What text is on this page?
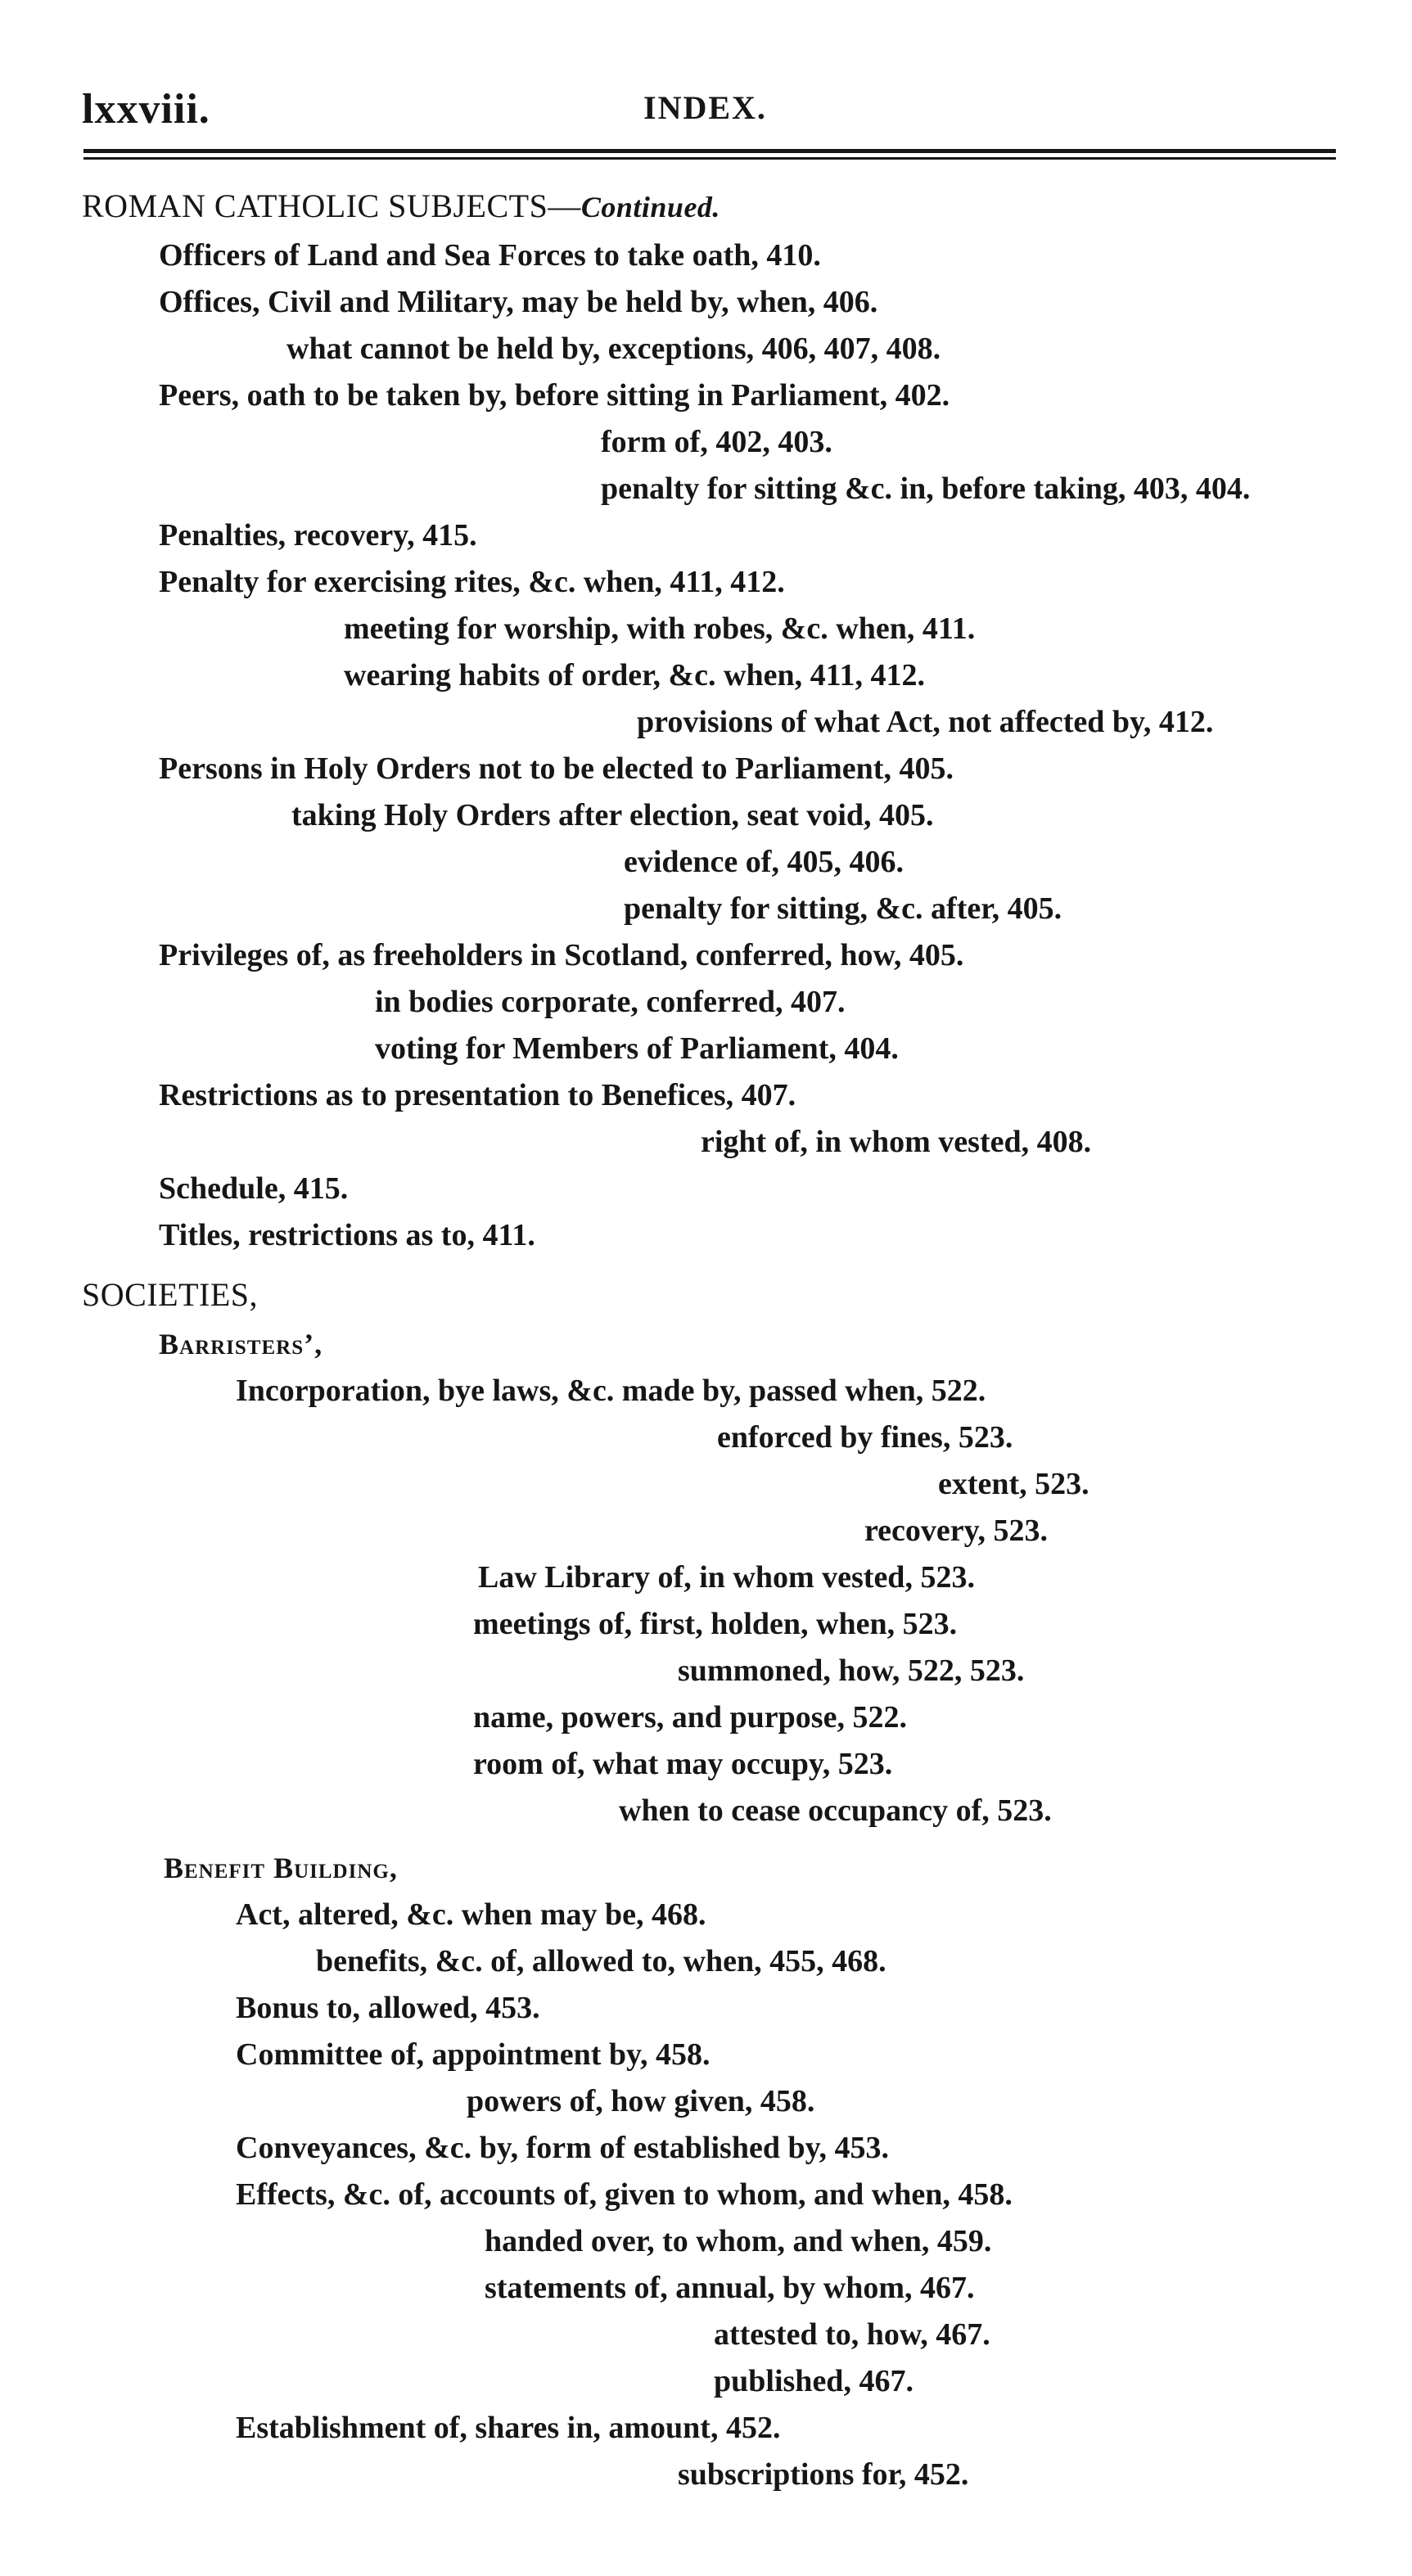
lxxviii.	INDEX.
ROMAN CATHOLIC SUBJECTS—Continued.
Officers of Land and Sea Forces to take oath, 410.
Offices, Civil and Military, may be held by, when, 406.
what cannot be held by, exceptions, 406, 407, 408.
Peers, oath to be taken by, before sitting in Parliament, 402.
form of, 402, 403.
penalty for sitting &c. in, before taking, 403, 404.
Penalties, recovery, 415.
Penalty for exercising rites, &c. when, 411, 412.
meeting for worship, with robes, &c. when, 411.
wearing habits of order, &c. when, 411, 412.
provisions of what Act, not affected by, 412.
Persons in Holy Orders not to be elected to Parliament, 405.
taking Holy Orders after election, seat void, 405.
evidence of, 405, 406.
penalty for sitting, &c. after, 405.
Privileges of, as freeholders in Scotland, conferred, how, 405.
in bodies corporate, conferred, 407.
voting for Members of Parliament, 404.
Restrictions as to presentation to Benefices, 407.
right of, in whom vested, 408.
Schedule, 415.
Titles, restrictions as to, 411.
SOCIETIES,
Barristers’,
Incorporation, bye laws, &c. made by, passed when, 522.
enforced by fines, 523.
extent, 523.
recovery, 523.
Law Library of, in whom vested, 523.
meetings of, first, holden, when, 523.
summoned, how, 522, 523.
name, powers, and purpose, 522.
room of, what may occupy, 523.
when to cease occupancy of, 523.
Benefit Building,
Act, altered, &c. when may be, 468.
benefits, &c. of, allowed to, when, 455, 468.
Bonus to, allowed, 453.
Committee of, appointment by, 458.
powers of, how given, 458.
Conveyances, &c. by, form of established by, 453.
Effects, &c. of, accounts of, given to whom, and when, 458.
handed over, to whom, and when, 459.
statements of, annual, by whom, 467.
attested to, how, 467.
published, 467.
Establishment of, shares in, amount, 452.
subscriptions for, 452.
